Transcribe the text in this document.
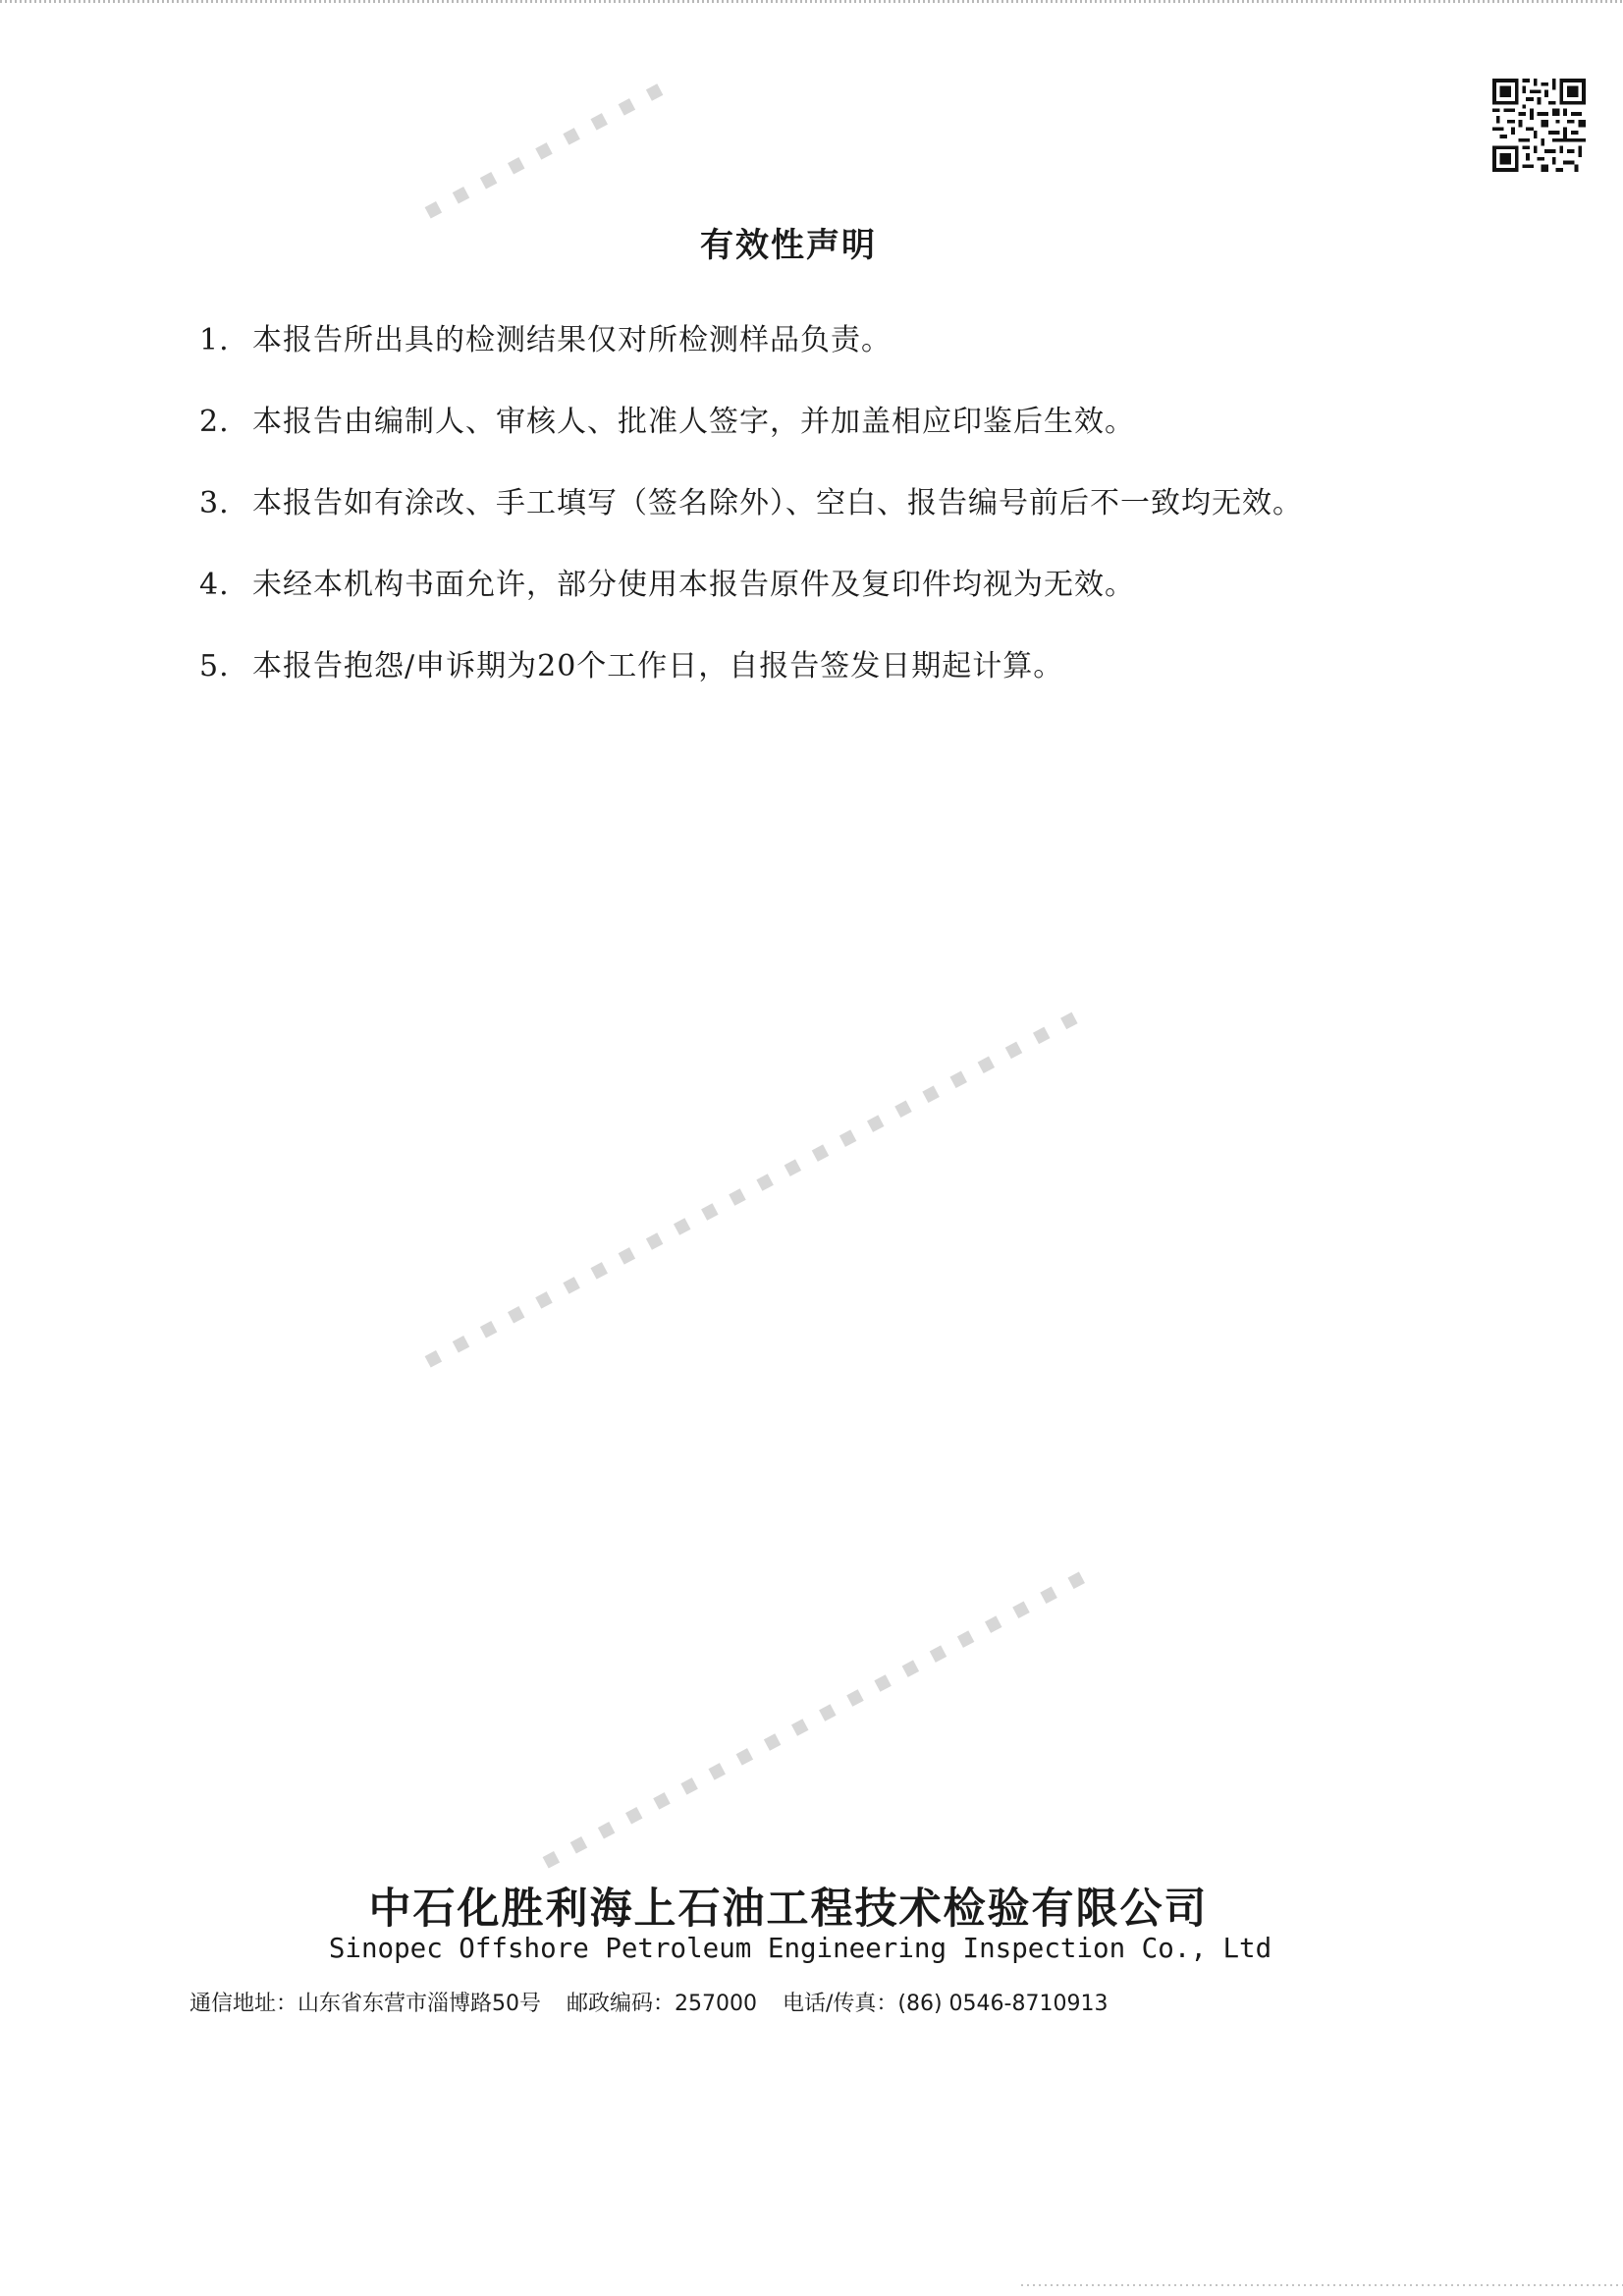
▪ ▪ ▪ ▪ ▪ ▪ ▪ ▪ ▪
▪ ▪ ▪ ▪ ▪ ▪ ▪ ▪ ▪ ▪ ▪ ▪ ▪ ▪ ▪ ▪ ▪ ▪ ▪ ▪ ▪ ▪ ▪ ▪
▪ ▪ ▪ ▪ ▪ ▪ ▪ ▪ ▪ ▪ ▪ ▪ ▪ ▪ ▪ ▪ ▪ ▪ ▪ ▪
有效性声明
1. 本报告所出具的检测结果仅对所检测样品负责。
2. 本报告由编制人、审核人、批准人签字，并加盖相应印鉴后生效。
3. 本报告如有涂改、手工填写（签名除外）、空白、报告编号前后不一致均无效。
4. 未经本机构书面允许，部分使用本报告原件及复印件均视为无效。
5. 本报告抱怨/申诉期为20个工作日，自报告签发日期起计算。
中石化胜利海上石油工程技术检验有限公司
Sinopec Offshore Petroleum Engineering Inspection Co., Ltd
通信地址：山东省东营市淄博路50号 邮政编码：257000 电话/传真：(86) 0546-8710913
